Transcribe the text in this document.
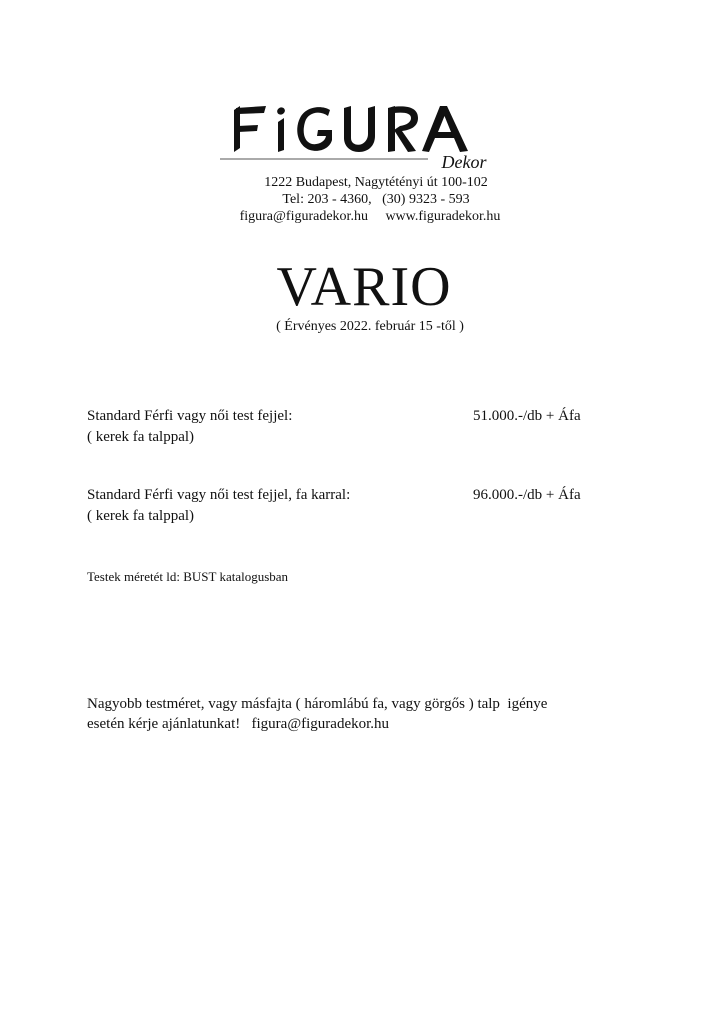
Dekor
1222 Budapest, Nagytétényi út 100-102
Tel: 203 - 4360,   (30) 9323 - 593
figura@figuradekor.hu     www.figuradekor.hu
VARIO
( Érvényes 2022. február 15 -től )
Standard Férfi vagy női test fejjel:
( kerek fa talppal)
51.000.-/db + Áfa
Standard Férfi vagy női test fejjel, fa karral:
( kerek fa talppal)
96.000.-/db + Áfa
Testek méretét ld: BUST katalogusban
Nagyobb testméret, vagy másfajta ( háromlábú fa, vagy görgős ) talp  igénye
esetén kérje ajánlatunkat!   figura@figuradekor.hu
